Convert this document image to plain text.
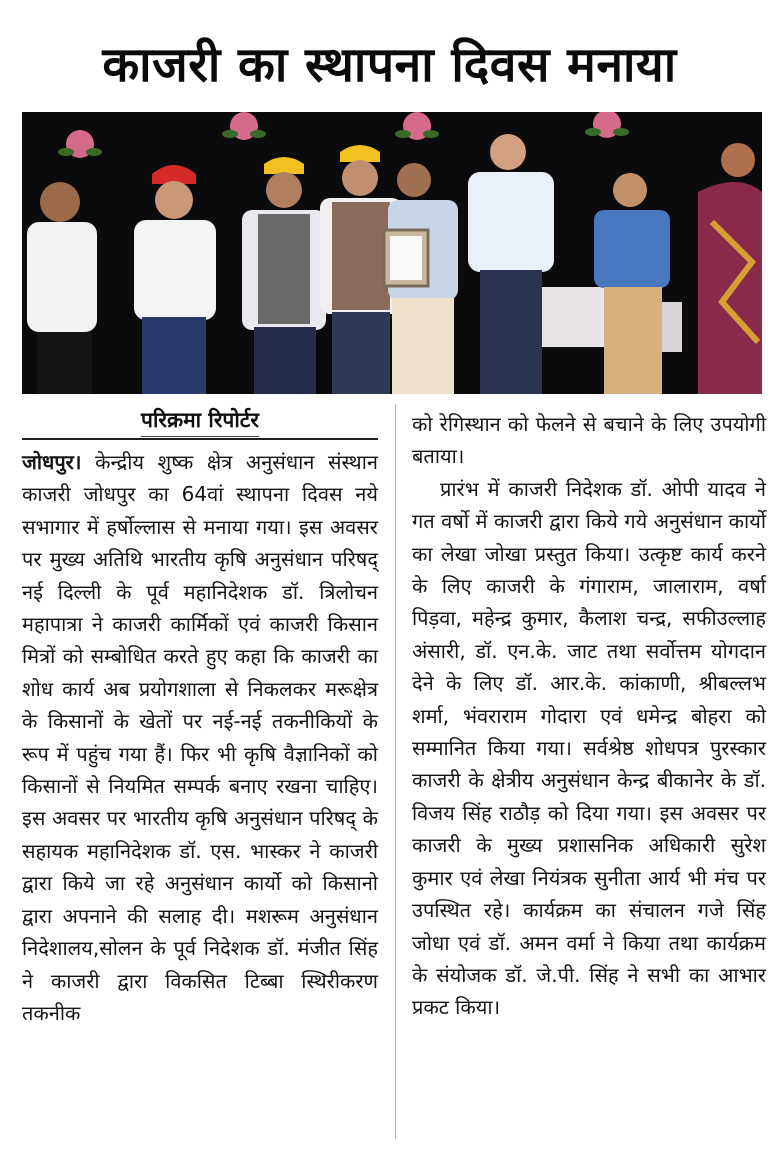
काजरी का स्थापना दिवस मनाया
परिक्रमा रिपोर्टर

जोधपुर। केन्द्रीय शुष्क क्षेत्र अनुसंधान संस्थान काजरी जोधपुर का 64वां स्थापना दिवस नये सभागार में हर्षोल्लास से मनाया गया। इस अवसर पर मुख्य अतिथि भारतीय कृषि अनुसंधान परिषद् नई दिल्ली के पूर्व महानिदेशक डॉ. त्रिलोचन महापात्रा ने काजरी कार्मिकों एवं काजरी किसान मित्रों को सम्बोधित करते हुए कहा कि काजरी का शोध कार्य अब प्रयोगशाला से निकलकर मरूक्षेत्र के किसानों के खेतों पर नई-नई तकनीकियों के रूप में पहुंच गया हैं। फिर भी कृषि वैज्ञानिकों को किसानों से नियमित सम्पर्क बनाए रखना चाहिए। इस अवसर पर भारतीय कृषि अनुसंधान परिषद् के सहायक महानिदेशक डॉ. एस. भास्कर ने काजरी द्वारा किये जा रहे अनुसंधान कार्यो को किसानो द्वारा अपनाने की सलाह दी। मशरूम अनुसंधान निदेशालय,सोलन के पूर्व निदेशक डॉ. मंजीत सिंह ने काजरी द्वारा विकसित टिब्बा स्थिरीकरण तकनीक

को रेगिस्थान को फेलने से बचाने के लिए उपयोगी बताया।

प्रारंभ में काजरी निदेशक डॉ. ओपी यादव ने गत वर्षो में काजरी द्वारा किये गये अनुसंधान कार्यो का लेखा जोखा प्रस्तुत किया। उत्कृष्ट कार्य करने के लिए काजरी के गंगाराम, जालाराम, वर्षा पिड़वा, महेन्द्र कुमार, कैलाश चन्द्र, सफीउल्लाह अंसारी, डॉ. एन.के. जाट तथा सर्वोत्तम योगदान देने के लिए डॉ. आर.के. कांकाणी, श्रीबल्लभ शर्मा, भंवराराम गोदारा एवं धमेन्द्र बोहरा को सम्मानित किया गया। सर्वश्रेष्ठ शोधपत्र पुरस्कार काजरी के क्षेत्रीय अनुसंधान केन्द्र बीकानेर के डॉ. विजय सिंह राठौड़ को दिया गया। इस अवसर पर काजरी के मुख्य प्रशासनिक अधिकारी सुरेश कुमार एवं लेखा नियंत्रक सुनीता आर्य भी मंच पर उपस्थित रहे। कार्यक्रम का संचालन गजे सिंह जोधा एवं डॉ. अमन वर्मा ने किया तथा कार्यक्रम के संयोजक डॉ. जे.पी. सिंह ने सभी का आभार प्रकट किया।
